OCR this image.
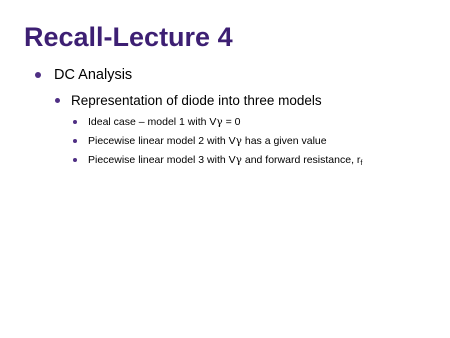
Recall-Lecture 4
DC Analysis
Representation of diode into three models
Ideal case – model 1 with Vγ = 0
Piecewise linear model 2 with Vγ has a given value
Piecewise linear model 3 with Vγ and forward resistance, $r_f$
